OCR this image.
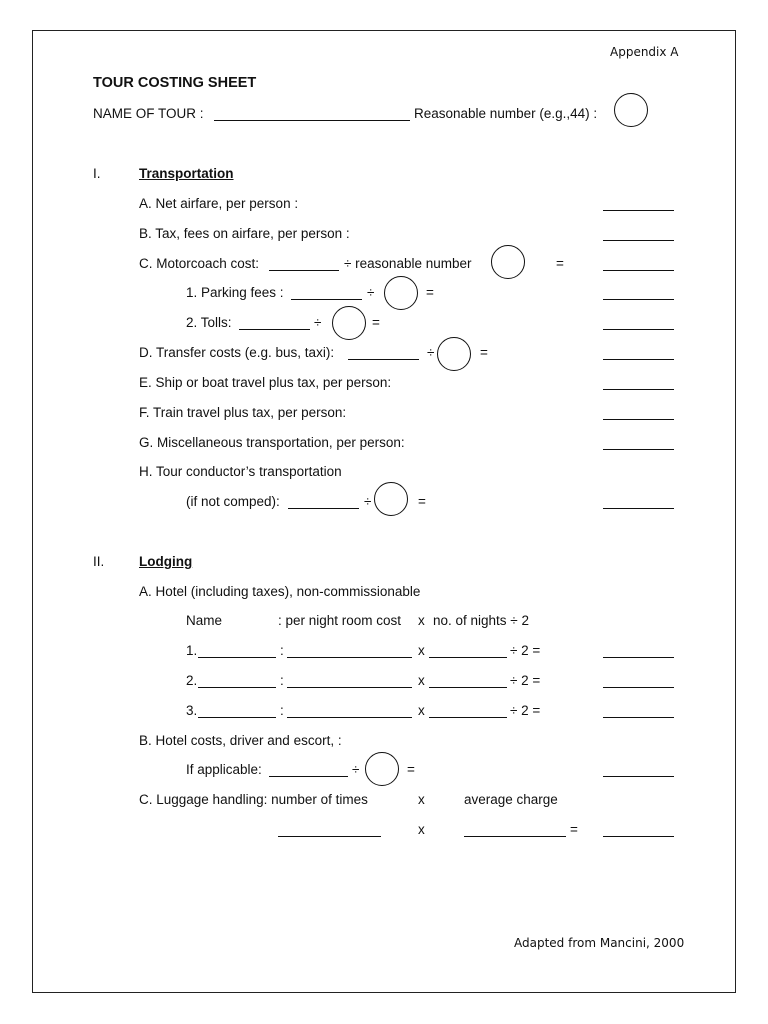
Appendix A
TOUR COSTING SHEET
NAME OF TOUR :	Reasonable number (e.g.,44) :
I.	Transportation
A. Net airfare, per person :
B. Tax, fees on airfare, per person :
C. Motorcoach cost:	÷ reasonable number	=
1. Parking fees :	÷	=
2. Tolls:	÷	=
D. Transfer costs (e.g. bus, taxi):	÷	=
E. Ship or boat travel plus tax, per person:
F. Train travel plus tax, per person:
G. Miscellaneous transportation, per person:
H. Tour conductor’s transportation
(if not comped):	÷	=
II.	Lodging
A. Hotel (including taxes), non-commissionable
Name	: per night room cost x no. of nights ÷ 2
1.	:	x	÷ 2 =
2.	:	x	÷ 2 =
3.	:	x	÷ 2 =
B. Hotel costs, driver and escort, :
If applicable:	÷	=
C. Luggage handling: number of times	x	average charge
x	=
Adapted from Mancini, 2000
